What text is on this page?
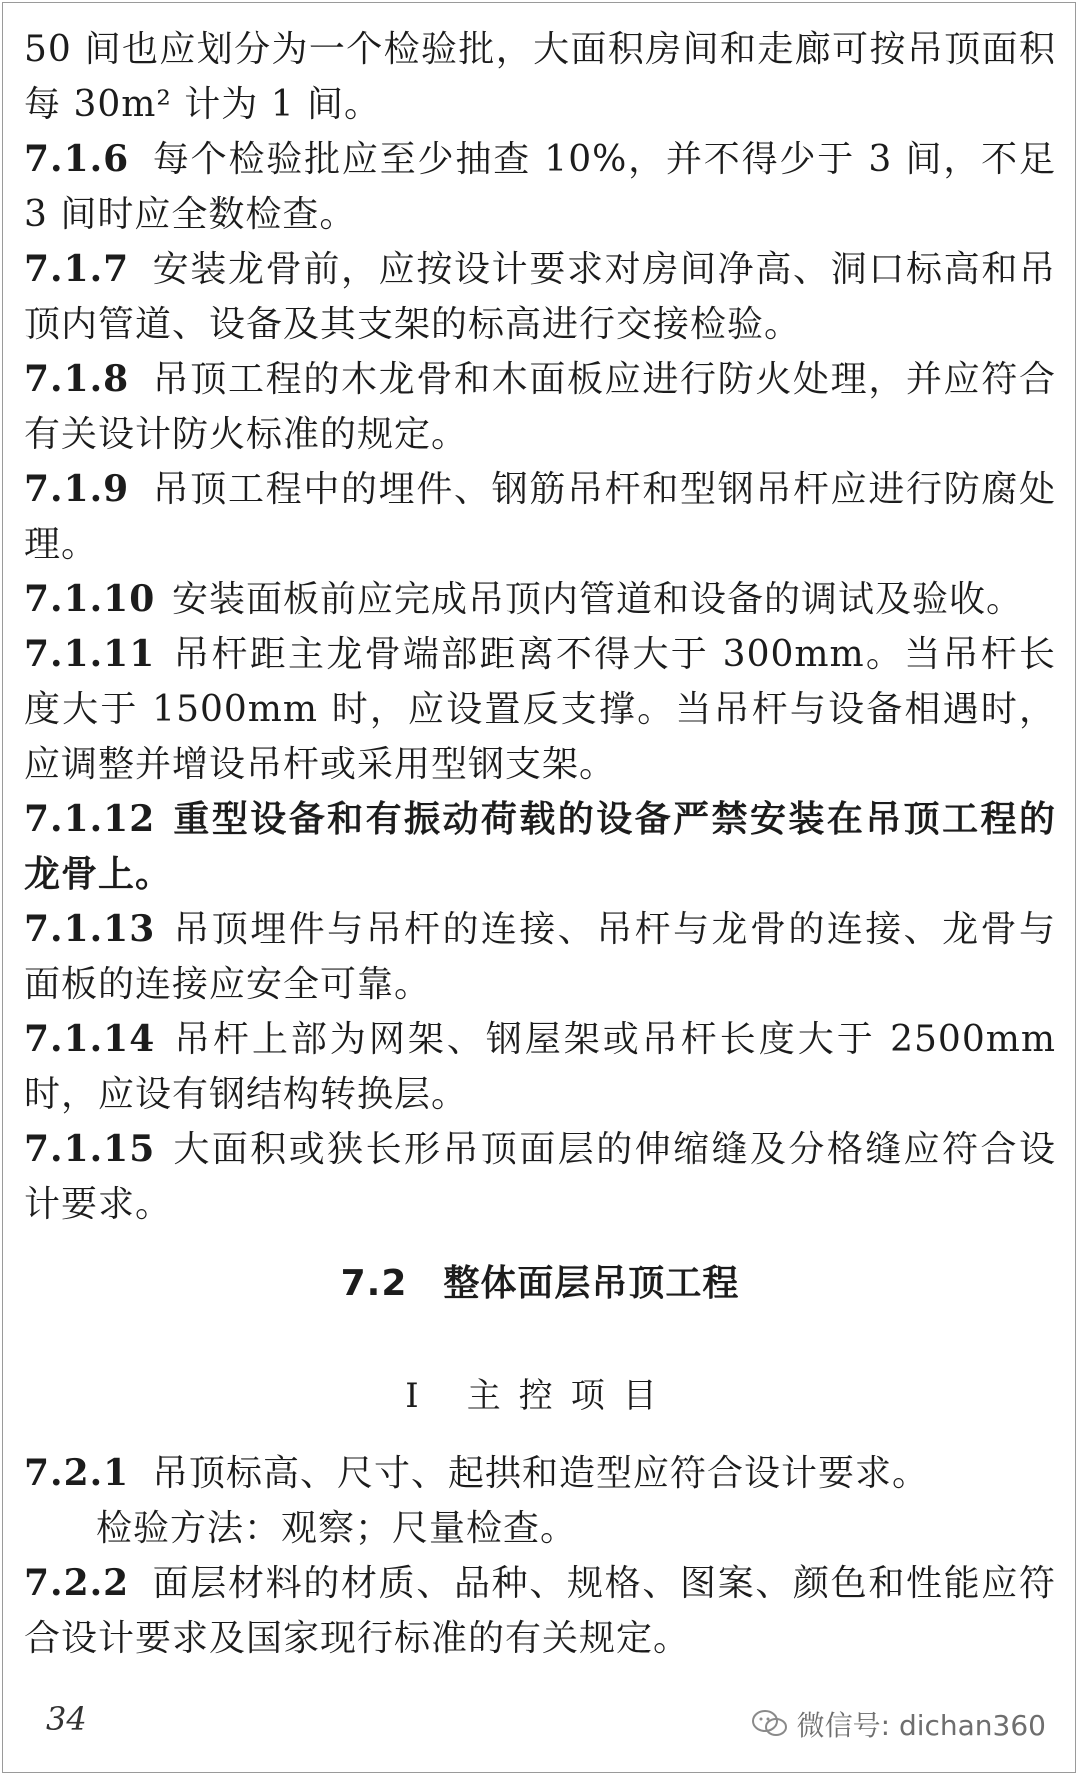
50 间也应划分为一个检验批，大面积房间和走廊可按吊顶面积每 30m² 计为 1 间。

7.1.6 每个检验批应至少抽查 10%，并不得少于 3 间，不足 3 间时应全数检查。

7.1.7 安装龙骨前，应按设计要求对房间净高、洞口标高和吊顶内管道、设备及其支架的标高进行交接检验。

7.1.8 吊顶工程的木龙骨和木面板应进行防火处理，并应符合有关设计防火标准的规定。

7.1.9 吊顶工程中的埋件、钢筋吊杆和型钢吊杆应进行防腐处理。

7.1.10 安装面板前应完成吊顶内管道和设备的调试及验收。

7.1.11 吊杆距主龙骨端部距离不得大于 300mm。当吊杆长度大于 1500mm 时，应设置反支撑。当吊杆与设备相遇时，应调整并增设吊杆或采用型钢支架。

7.1.12 重型设备和有振动荷载的设备严禁安装在吊顶工程的龙骨上。

7.1.13 吊顶埋件与吊杆的连接、吊杆与龙骨的连接、龙骨与面板的连接应安全可靠。

7.1.14 吊杆上部为网架、钢屋架或吊杆长度大于 2500mm 时，应设有钢结构转换层。

7.1.15 大面积或狭长形吊顶面层的伸缩缝及分格缝应符合设计要求。

7.2 整体面层吊顶工程
Ⅰ 主控项目

7.2.1 吊顶标高、尺寸、起拱和造型应符合设计要求。

检验方法：观察；尺量检查。

7.2.2 面层材料的材质、品种、规格、图案、颜色和性能应符合设计要求及国家现行标准的有关规定。

34	微信号: dichan360
